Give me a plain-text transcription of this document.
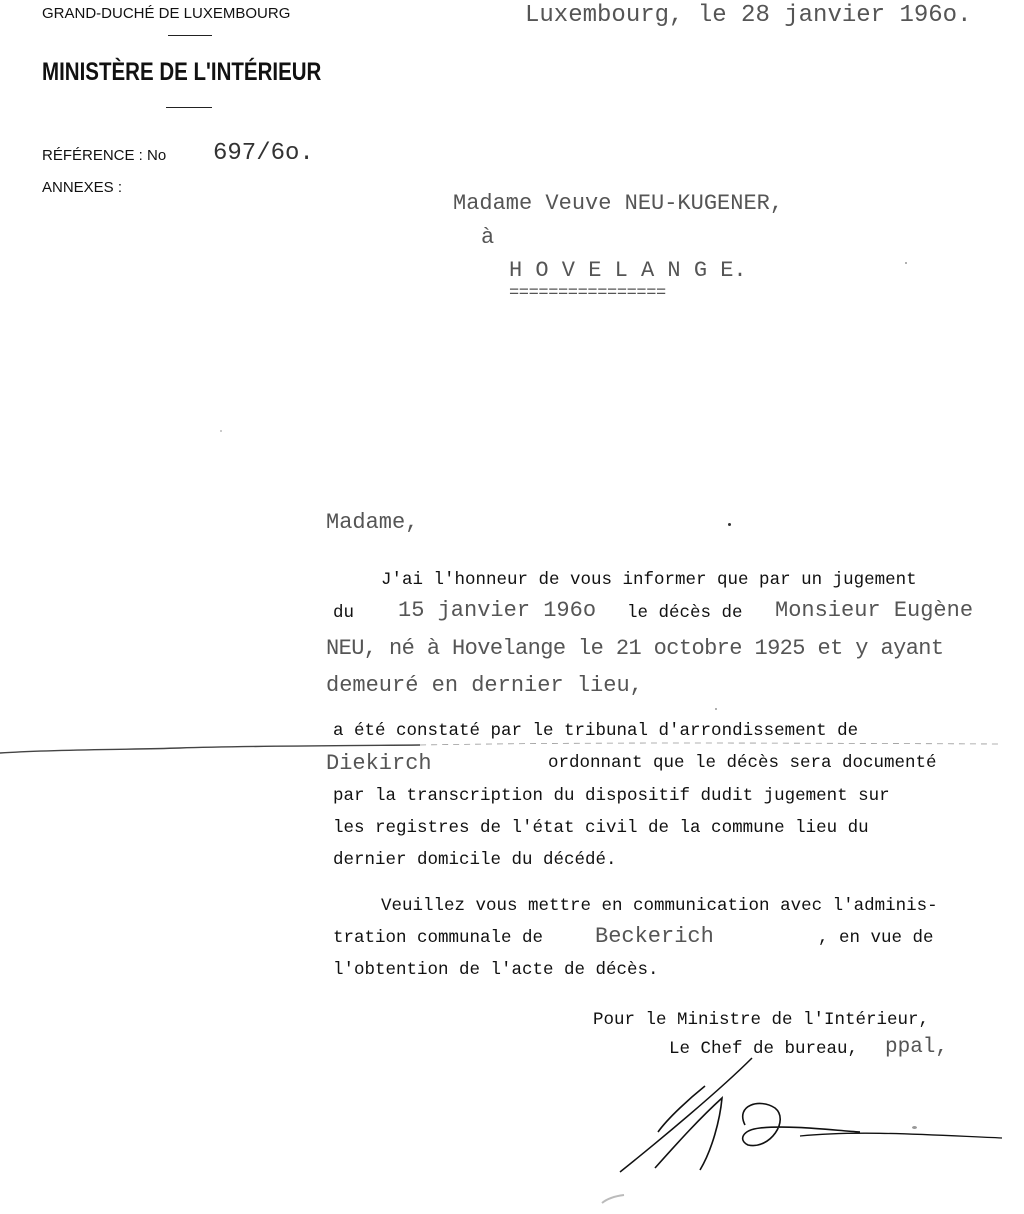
GRAND-DUCHÉ DE LUXEMBOURG
MINISTÈRE DE L'INTÉRIEUR
RÉFÉRENCE : No 697/6o.
ANNEXES :
Luxembourg, le 28 janvier 196o.
Madame Veuve NEU-KUGENER,
à
H O V E L A N G E.
================
Madame,
J'ai l'honneur de vous informer que par un jugement
du 15 janvier 196o le décès de Monsieur Eugène
NEU, né à Hovelange le 21 octobre 1925 et y ayant
demeuré en dernier lieu,
a été constaté par le tribunal d'arrondissement de
Diekirch	ordonnant que le décès sera documenté
par la transcription du dispositif dudit jugement sur
les registres de l'état civil de la commune lieu du
dernier domicile du décédé.
Veuillez vous mettre en communication avec l'adminis-
tration communale de Beckerich	, en vue de
l'obtention de l'acte de décès.
Pour le Ministre de l'Intérieur,
Le Chef de bureau, ppal,
